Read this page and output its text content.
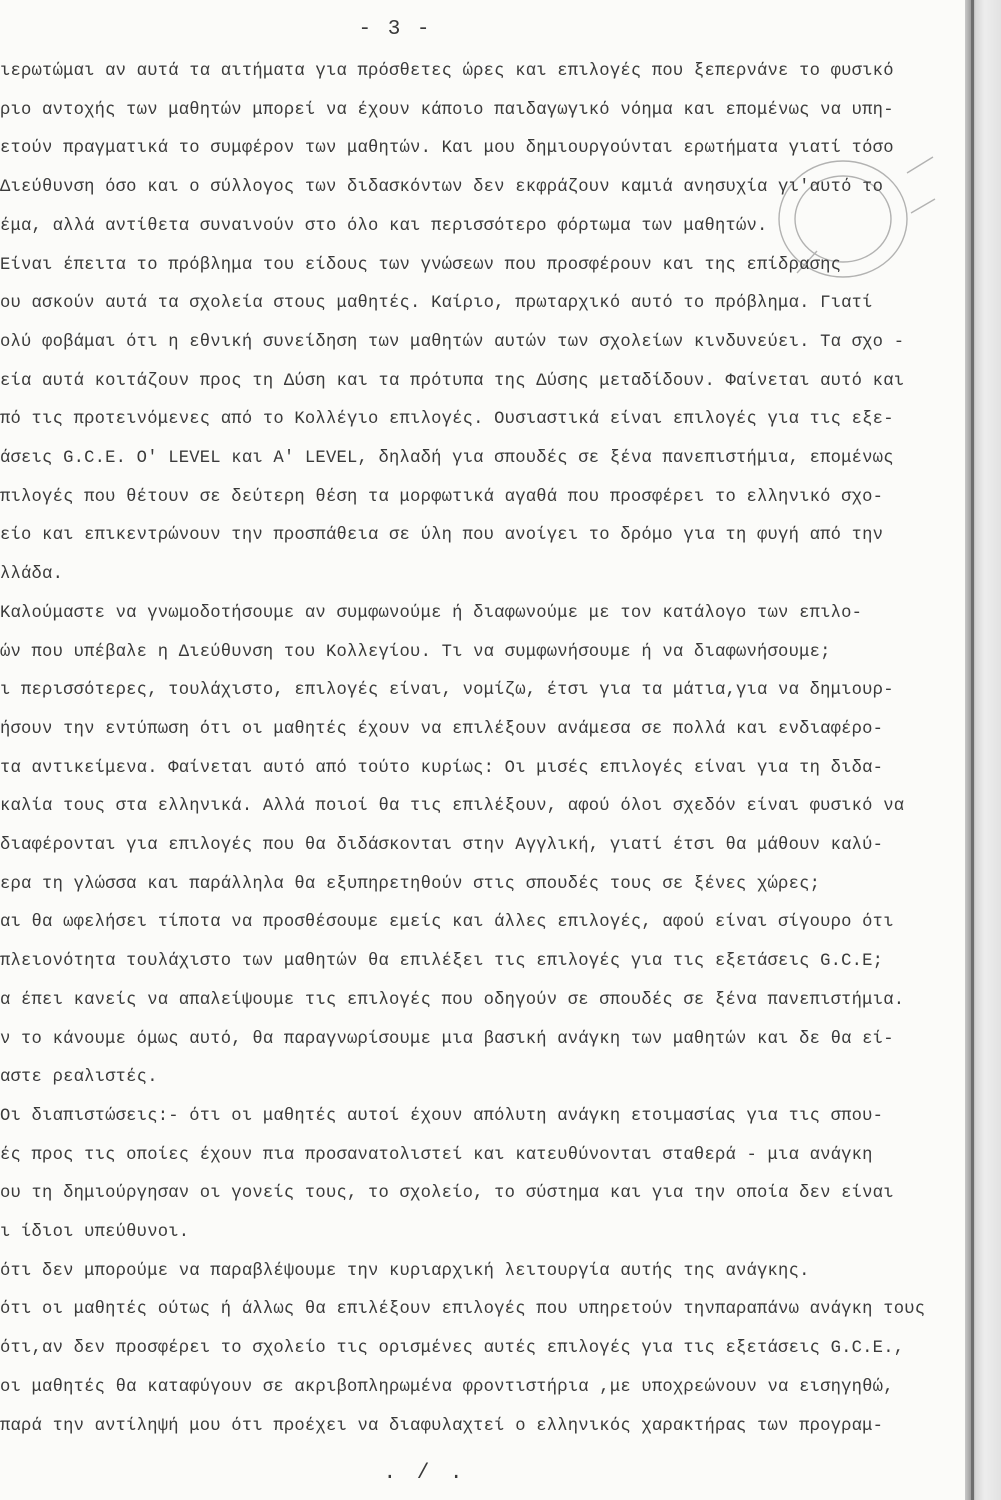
- 3 -
ιερωτώμαι αν αυτά τα αιτήματα για πρόσθετες ώρες και επιλογές που ξεπερνάνε το φυσικό
ριο αντοχής των μαθητών μπορεί να έχουν κάποιο παιδαγωγικό νόημα και επομένως να υπη-
ετούν πραγματικά το συμφέρον των μαθητών. Και μου δημιουργούνται ερωτήματα γιατί τόσο
Διεύθυνση όσο και ο σύλλογος των διδασκόντων δεν εκφράζουν καμιά ανησυχία γι'αυτό το
έμα, αλλά αντίθετα συναινούν στο όλο και περισσότερο φόρτωμα των μαθητών.
Είναι έπειτα το πρόβλημα του είδους των γνώσεων που προσφέρουν και της επίδρασης
ου ασκούν αυτά τα σχολεία στους μαθητές. Καίριο, πρωταρχικό αυτό το πρόβλημα. Γιατί
ολύ φοβάμαι ότι η εθνική συνείδηση των μαθητών αυτών των σχολείων κινδυνεύει. Τα σχο -
εία αυτά κοιτάζουν προς τη Δύση και τα πρότυπα της Δύσης μεταδίδουν. Φαίνεται αυτό και
πό τις προτεινόμενες από το Κολλέγιο επιλογές. Ουσιαστικά είναι επιλογές για τις εξε-
άσεις G.C.E. O' LEVEL και A' LEVEL, δηλαδή για σπουδές σε ξένα πανεπιστήμια, επομένως
πιλογές που θέτουν σε δεύτερη θέση τα μορφωτικά αγαθά που προσφέρει το ελληνικό σχο-
είο και επικεντρώνουν την προσπάθεια σε ύλη που ανοίγει το δρόμο για τη φυγή από την
λλάδα.
Καλούμαστε να γνωμοδοτήσουμε αν συμφωνούμε ή διαφωνούμε με τον κατάλογο των επιλο-
ών που υπέβαλε η Διεύθυνση του Κολλεγίου. Τι να συμφωνήσουμε ή να διαφωνήσουμε;
ι περισσότερες, τουλάχιστο, επιλογές είναι, νομίζω, έτσι για τα μάτια,για να δημιουρ-
ήσουν την εντύπωση ότι οι μαθητές έχουν να επιλέξουν ανάμεσα σε πολλά και ενδιαφέρο-
τα αντικείμενα. Φαίνεται αυτό από τούτο κυρίως: Οι μισές επιλογές είναι για τη διδα-
καλία τους στα ελληνικά. Αλλά ποιοί θα τις επιλέξουν, αφού όλοι σχεδόν είναι φυσικό να
διαφέρονται για επιλογές που θα διδάσκονται στην Αγγλική, γιατί έτσι θα μάθουν καλύ-
ερα τη γλώσσα και παράλληλα θα εξυπηρετηθούν στις σπουδές τους σε ξένες χώρες;
αι θα ωφελήσει τίποτα να προσθέσουμε εμείς και άλλες επιλογές, αφού είναι σίγουρο ότι
πλειονότητα τουλάχιστο των μαθητών θα επιλέξει τις επιλογές για τις εξετάσεις G.C.E;
α έπει κανείς να απαλείψουμε τις επιλογές που οδηγούν σε σπουδές σε ξένα πανεπιστήμια.
ν το κάνουμε όμως αυτό, θα παραγνωρίσουμε μια βασική ανάγκη των μαθητών και δε θα εί-
αστε ρεαλιστές.
Οι διαπιστώσεις:- ότι οι μαθητές αυτοί έχουν απόλυτη ανάγκη ετοιμασίας για τις σπου-
ές προς τις οποίες έχουν πια προσανατολιστεί και κατευθύνονται σταθερά - μια ανάγκη
ου τη δημιούργησαν οι γονείς τους, το σχολείο, το σύστημα και για την οποία δεν είναι
ι ίδιοι υπεύθυνοι.
ότι δεν μπορούμε να παραβλέψουμε την κυριαρχική λειτουργία αυτής της ανάγκης.
ότι οι μαθητές ούτως ή άλλως θα επιλέξουν επιλογές που υπηρετούν τηνπαραπάνω ανάγκη τους
ότι,αν δεν προσφέρει το σχολείο τις ορισμένες αυτές επιλογές για τις εξετάσεις G.C.E.,
οι μαθητές θα καταφύγουν σε ακριβοπληρωμένα φροντιστήρια ,με υποχρεώνουν να εισηγηθώ,
παρά την αντίληψή μου ότι προέχει να διαφυλαχτεί ο ελληνικός χαρακτήρας των προγραμ-
. / .
